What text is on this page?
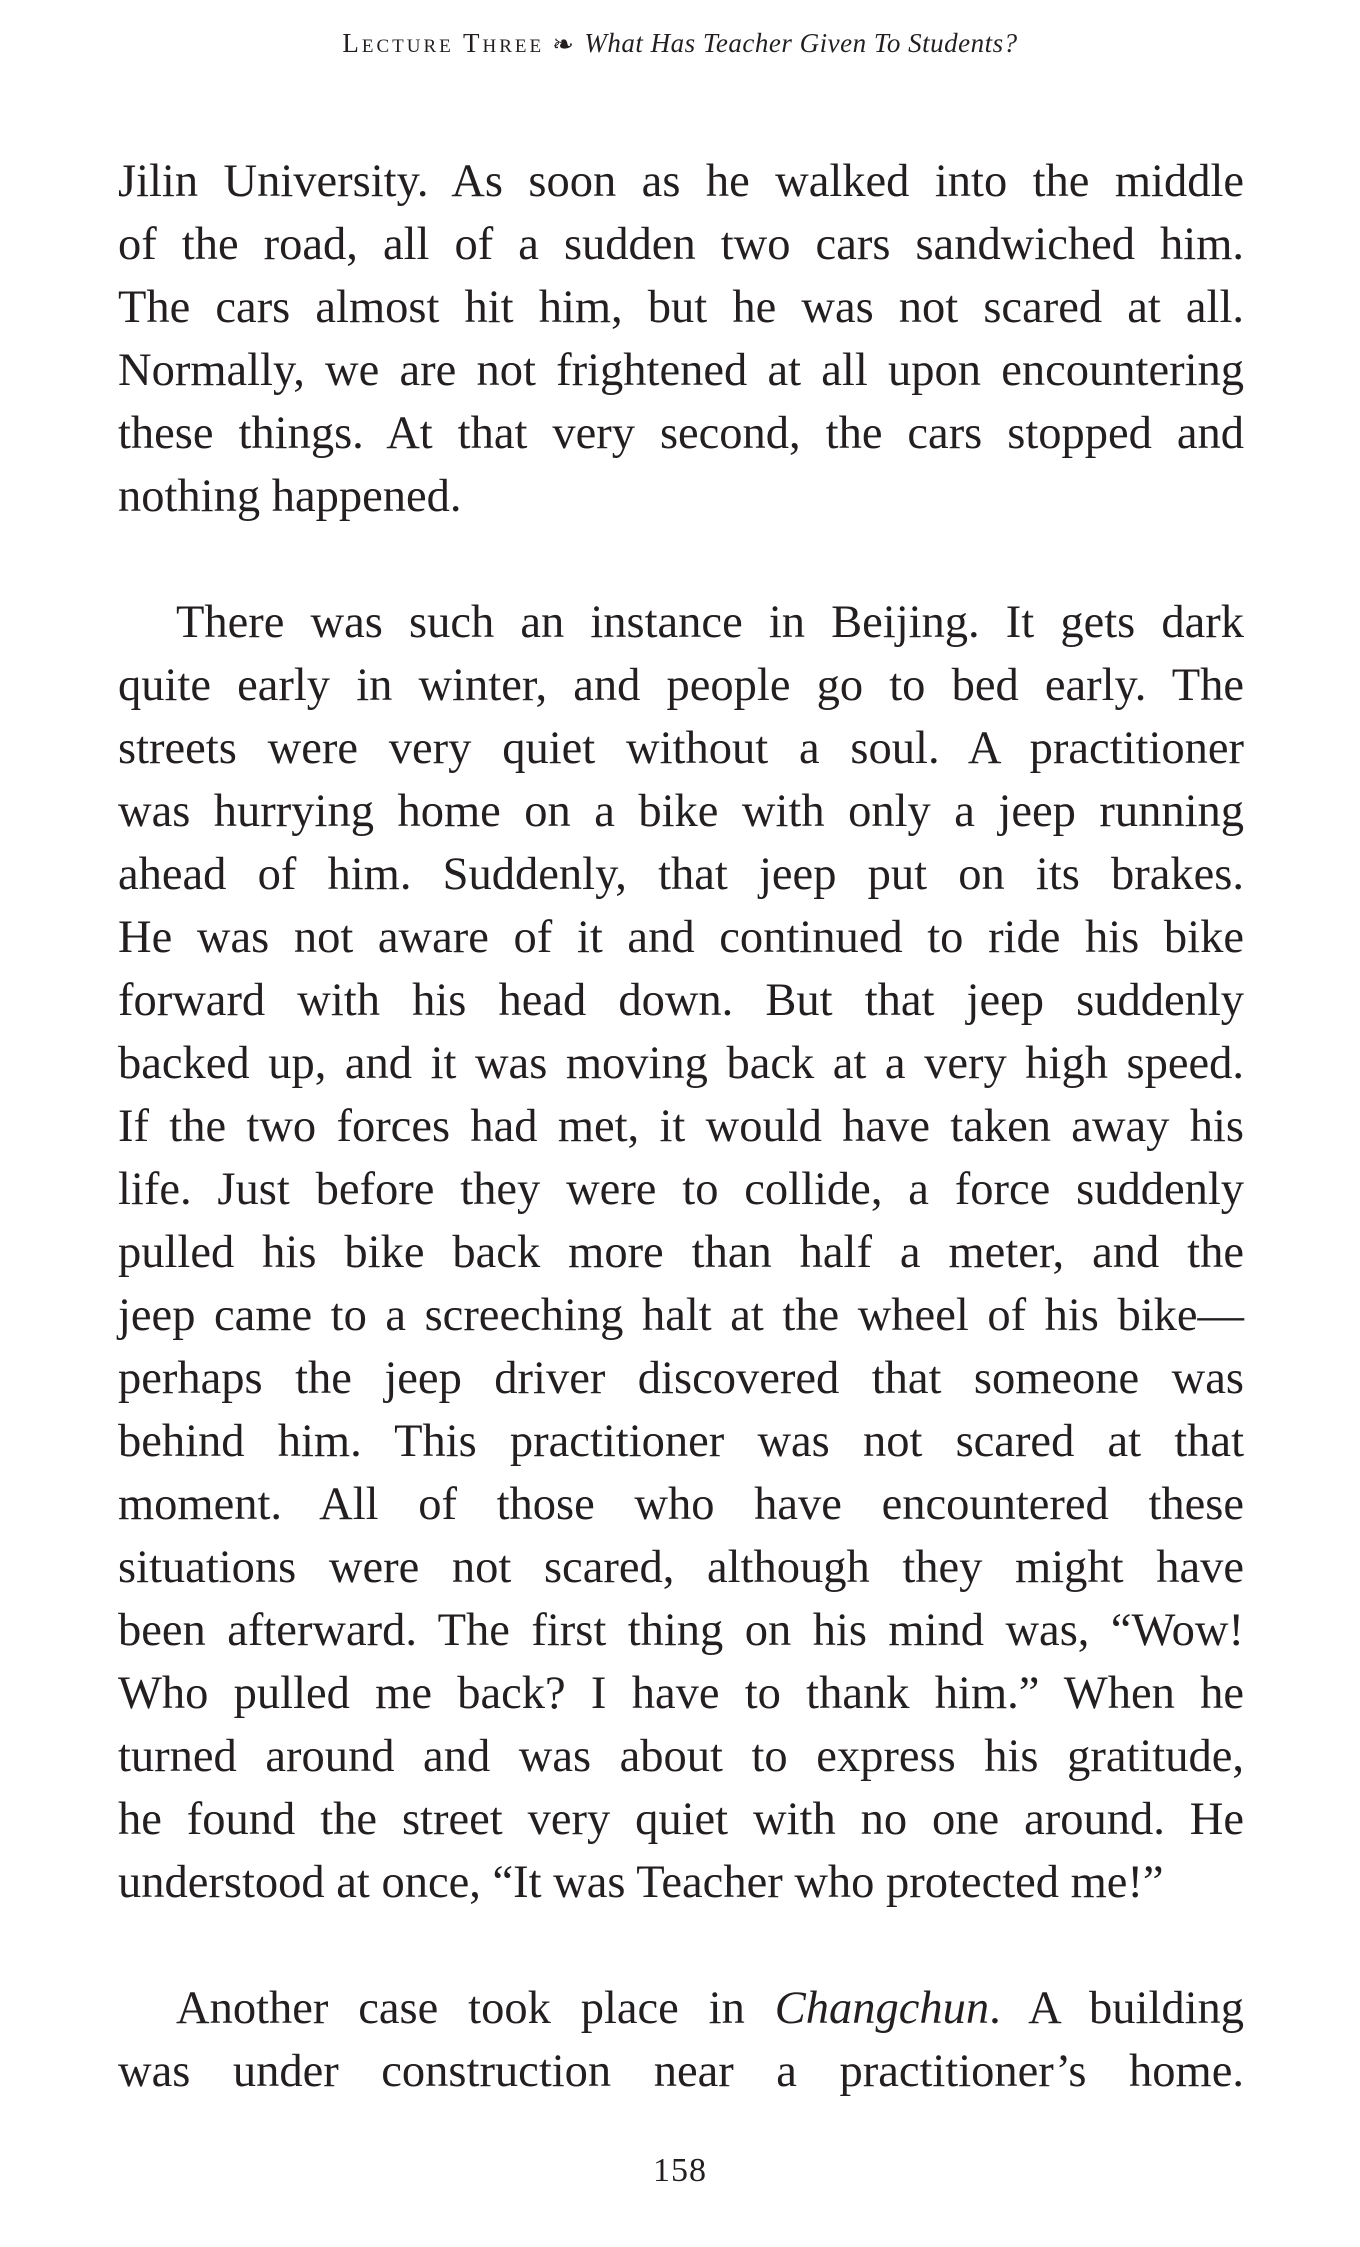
Lecture Three ❧ What Has Teacher Given To Students?
Jilin University. As soon as he walked into the middle
of the road, all of a sudden two cars sandwiched him.
The cars almost hit him, but he was not scared at all.
Normally, we are not frightened at all upon encountering
these things. At that very second, the cars stopped and
nothing happened.
There was such an instance in Beijing. It gets dark
quite early in winter, and people go to bed early. The
streets were very quiet without a soul. A practitioner
was hurrying home on a bike with only a jeep running
ahead of him. Suddenly, that jeep put on its brakes.
He was not aware of it and continued to ride his bike
forward with his head down. But that jeep suddenly
backed up, and it was moving back at a very high speed.
If the two forces had met, it would have taken away his
life. Just before they were to collide, a force suddenly
pulled his bike back more than half a meter, and the
jeep came to a screeching halt at the wheel of his bike—
perhaps the jeep driver discovered that someone was
behind him. This practitioner was not scared at that
moment. All of those who have encountered these
situations were not scared, although they might have
been afterward. The first thing on his mind was, “Wow!
Who pulled me back? I have to thank him.” When he
turned around and was about to express his gratitude,
he found the street very quiet with no one around. He
understood at once, “It was Teacher who protected me!”
Another case took place in Changchun. A building
was under construction near a practitioner’s home.
158
